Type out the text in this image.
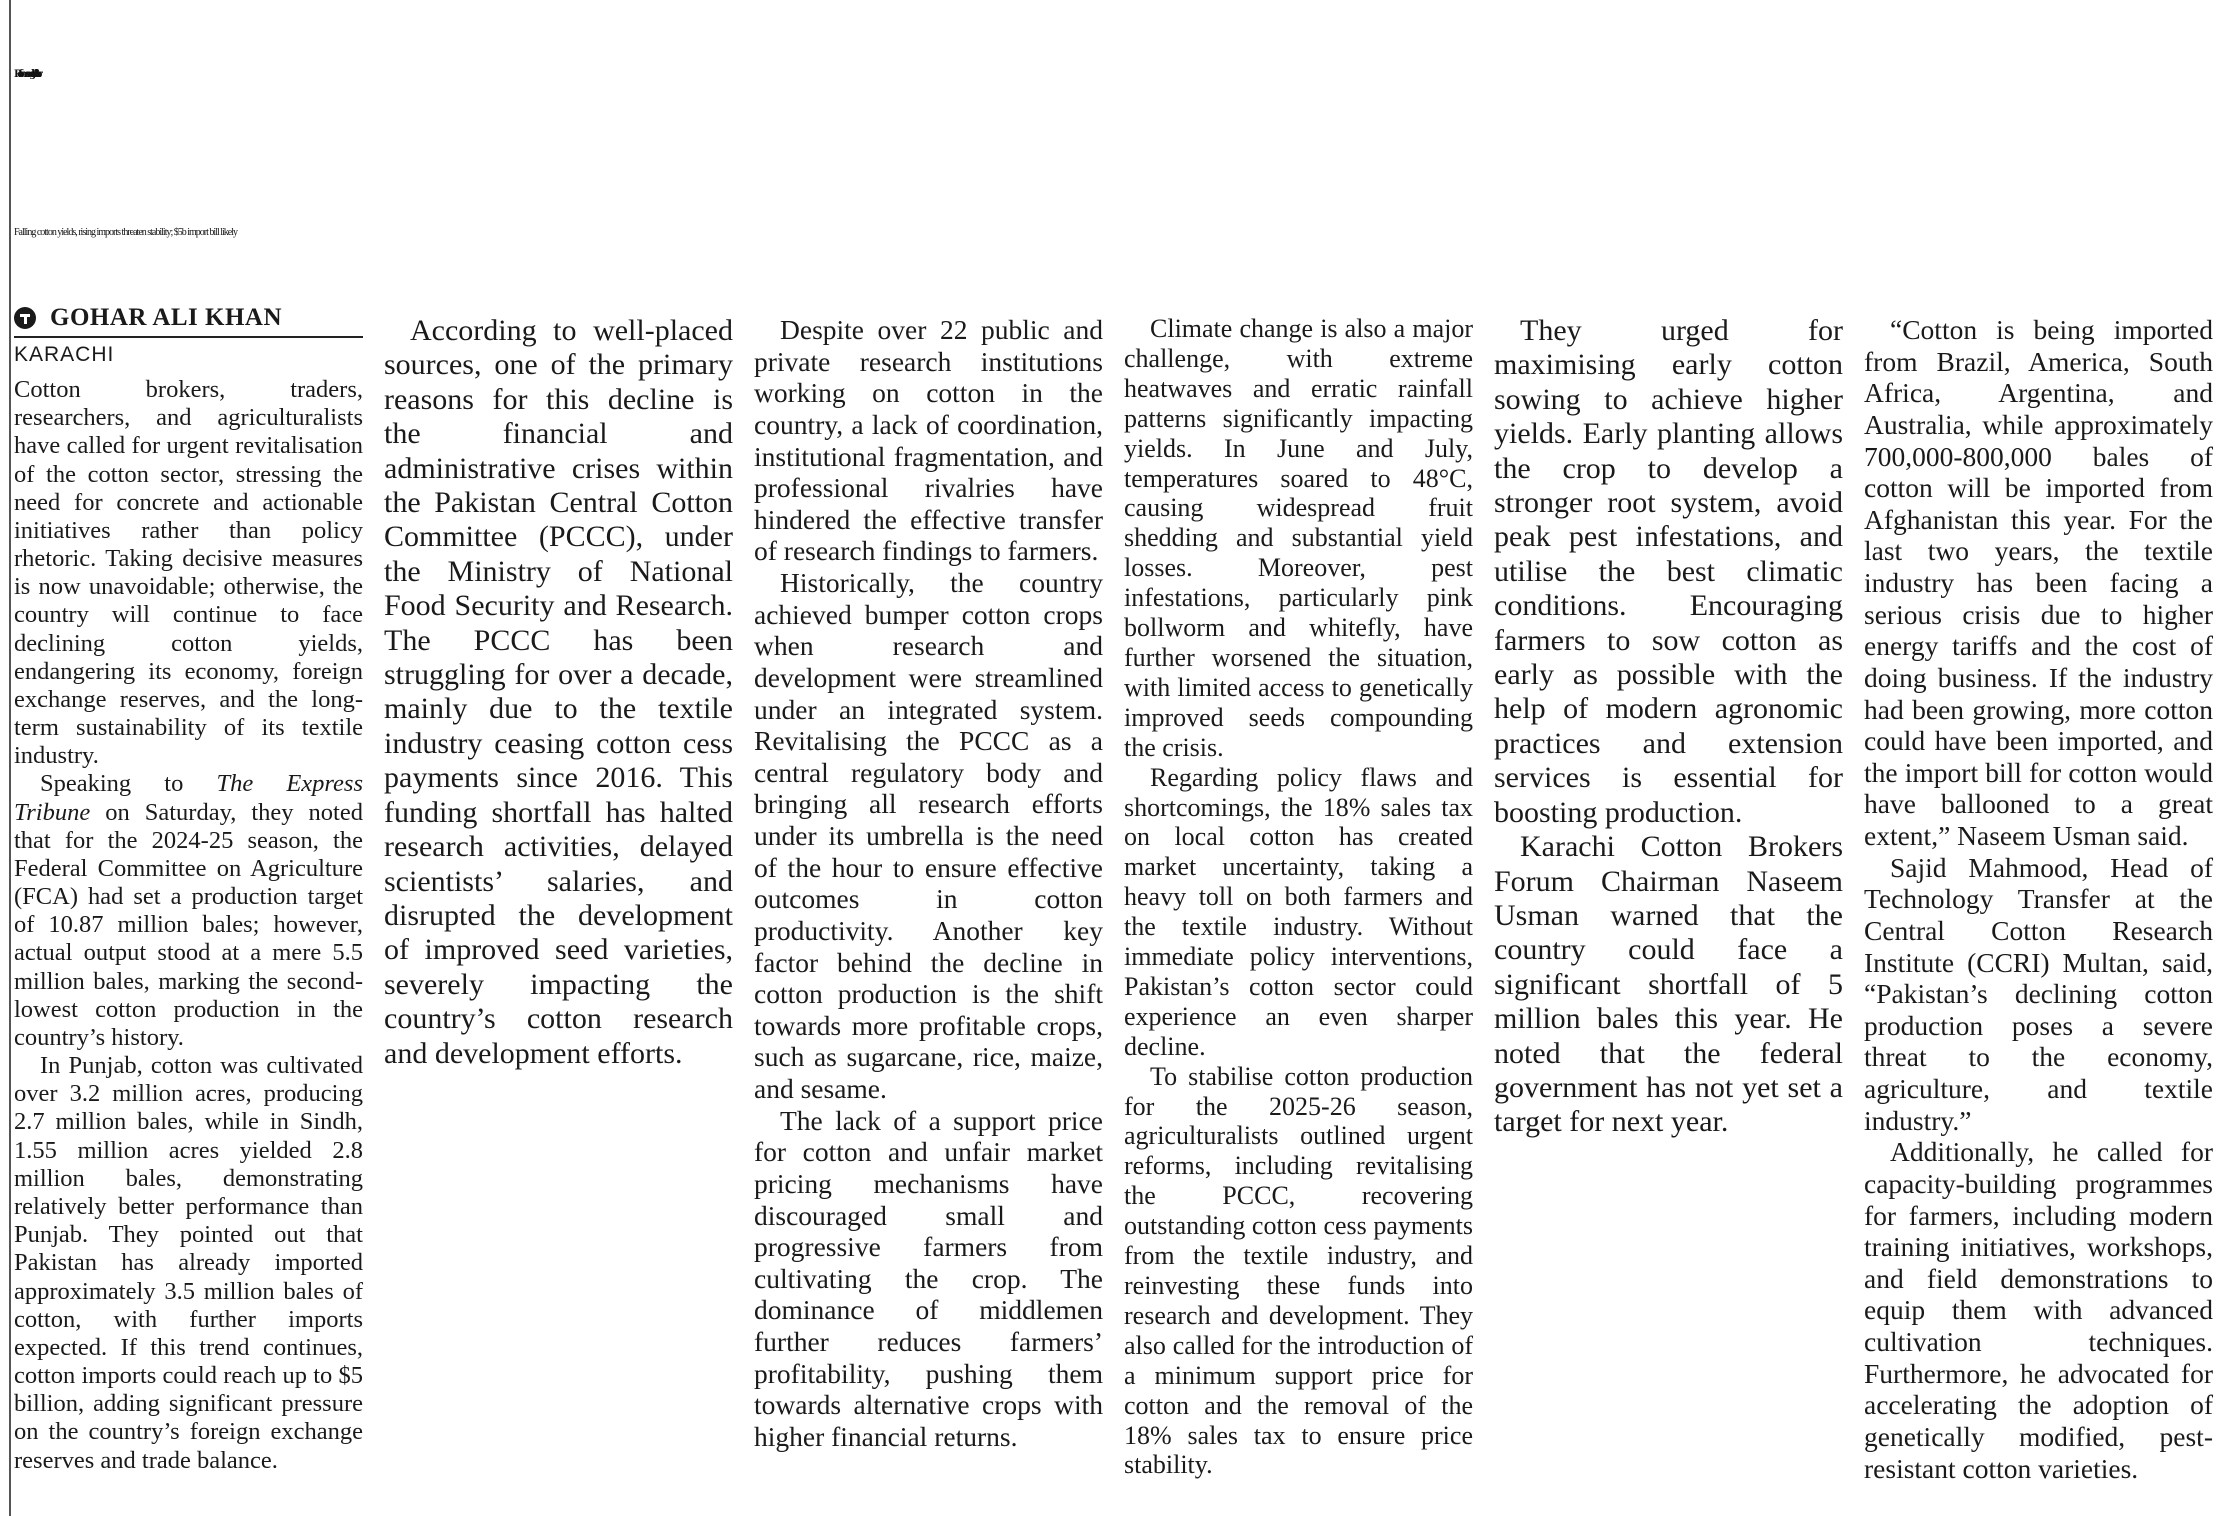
Reforms sought to save textile sector
Falling cotton yields, rising imports threaten stability; $5b import bill likely
GOHAR ALI KHAN
KARACHI

Cotton brokers, traders, researchers, and agriculturalists have called for urgent revitalisation of the cotton sector, stressing the need for concrete and actionable initiatives rather than policy rhetoric. Taking decisive measures is now unavoidable; otherwise, the country will continue to face declining cotton yields, endangering its economy, foreign exchange reserves, and the long-term sustainability of its textile industry.

Speaking to The Express Tribune on Saturday, they noted that for the 2024-25 season, the Federal Committee on Agriculture (FCA) had set a production target of 10.87 million bales; however, actual output stood at a mere 5.5 million bales, marking the second-lowest cotton production in the country’s history.

In Punjab, cotton was cultivated over 3.2 million acres, producing 2.7 million bales, while in Sindh, 1.55 million acres yielded 2.8 million bales, demonstrating relatively better performance than Punjab. They pointed out that Pakistan has already imported approximately 3.5 million bales of cotton, with further imports expected. If this trend continues, cotton imports could reach up to $5 billion, adding significant pressure on the country’s foreign exchange reserves and trade balance.

According to well-placed sources, one of the primary reasons for this decline is the financial and administrative crises within the Pakistan Central Cotton Committee (PCCC), under the Ministry of National Food Security and Research. The PCCC has been struggling for over a decade, mainly due to the textile industry ceasing cotton cess payments since 2016. This funding shortfall has halted research activities, delayed scientists’ salaries, and disrupted the development of improved seed varieties, severely impacting the country’s cotton research and development efforts.

Despite over 22 public and private research institutions working on cotton in the country, a lack of coordination, institutional fragmentation, and professional rivalries have hindered the effective transfer of research findings to farmers.

Historically, the country achieved bumper cotton crops when research and development were streamlined under an integrated system. Revitalising the PCCC as a central regulatory body and bringing all research efforts under its umbrella is the need of the hour to ensure effective outcomes in cotton productivity. Another key factor behind the decline in cotton production is the shift towards more profitable crops, such as sugarcane, rice, maize, and sesame.

The lack of a support price for cotton and unfair market pricing mechanisms have discouraged small and progressive farmers from cultivating the crop. The dominance of middlemen further reduces farmers’ profitability, pushing them towards alternative crops with higher financial returns.

Climate change is also a major challenge, with extreme heatwaves and erratic rainfall patterns significantly impacting yields. In June and July, temperatures soared to 48°C, causing widespread fruit shedding and substantial yield losses. Moreover, pest infestations, particularly pink bollworm and whitefly, have further worsened the situation, with limited access to genetically improved seeds compounding the crisis.

Regarding policy flaws and shortcomings, the 18% sales tax on local cotton has created market uncertainty, taking a heavy toll on both farmers and the textile industry. Without immediate policy interventions, Pakistan’s cotton sector could experience an even sharper decline.

To stabilise cotton production for the 2025-26 season, agriculturalists outlined urgent reforms, including revitalising the PCCC, recovering outstanding cotton cess payments from the textile industry, and reinvesting these funds into research and development. They also called for the introduction of a minimum support price for cotton and the removal of the 18% sales tax to ensure price stability.

They urged for maximising early cotton sowing to achieve higher yields. Early planting allows the crop to develop a stronger root system, avoid peak pest infestations, and utilise the best climatic conditions. Encouraging farmers to sow cotton as early as possible with the help of modern agronomic practices and extension services is essential for boosting production.

Karachi Cotton Brokers Forum Chairman Naseem Usman warned that the country could face a significant shortfall of 5 million bales this year. He noted that the federal government has not yet set a target for next year.

“Cotton is being imported from Brazil, America, South Africa, Argentina, and Australia, while approximately 700,000-800,000 bales of cotton will be imported from Afghanistan this year. For the last two years, the textile industry has been facing a serious crisis due to higher energy tariffs and the cost of doing business. If the industry had been growing, more cotton could have been imported, and the import bill for cotton would have ballooned to a great extent,” Naseem Usman said.

Sajid Mahmood, Head of Technology Transfer at the Central Cotton Research Institute (CCRI) Multan, said, “Pakistan’s declining cotton production poses a severe threat to the economy, agriculture, and textile industry.”

Additionally, he called for capacity-building programmes for farmers, including modern training initiatives, workshops, and field demonstrations to equip them with advanced cultivation techniques. Furthermore, he advocated for accelerating the adoption of genetically modified, pest-resistant cotton varieties.
